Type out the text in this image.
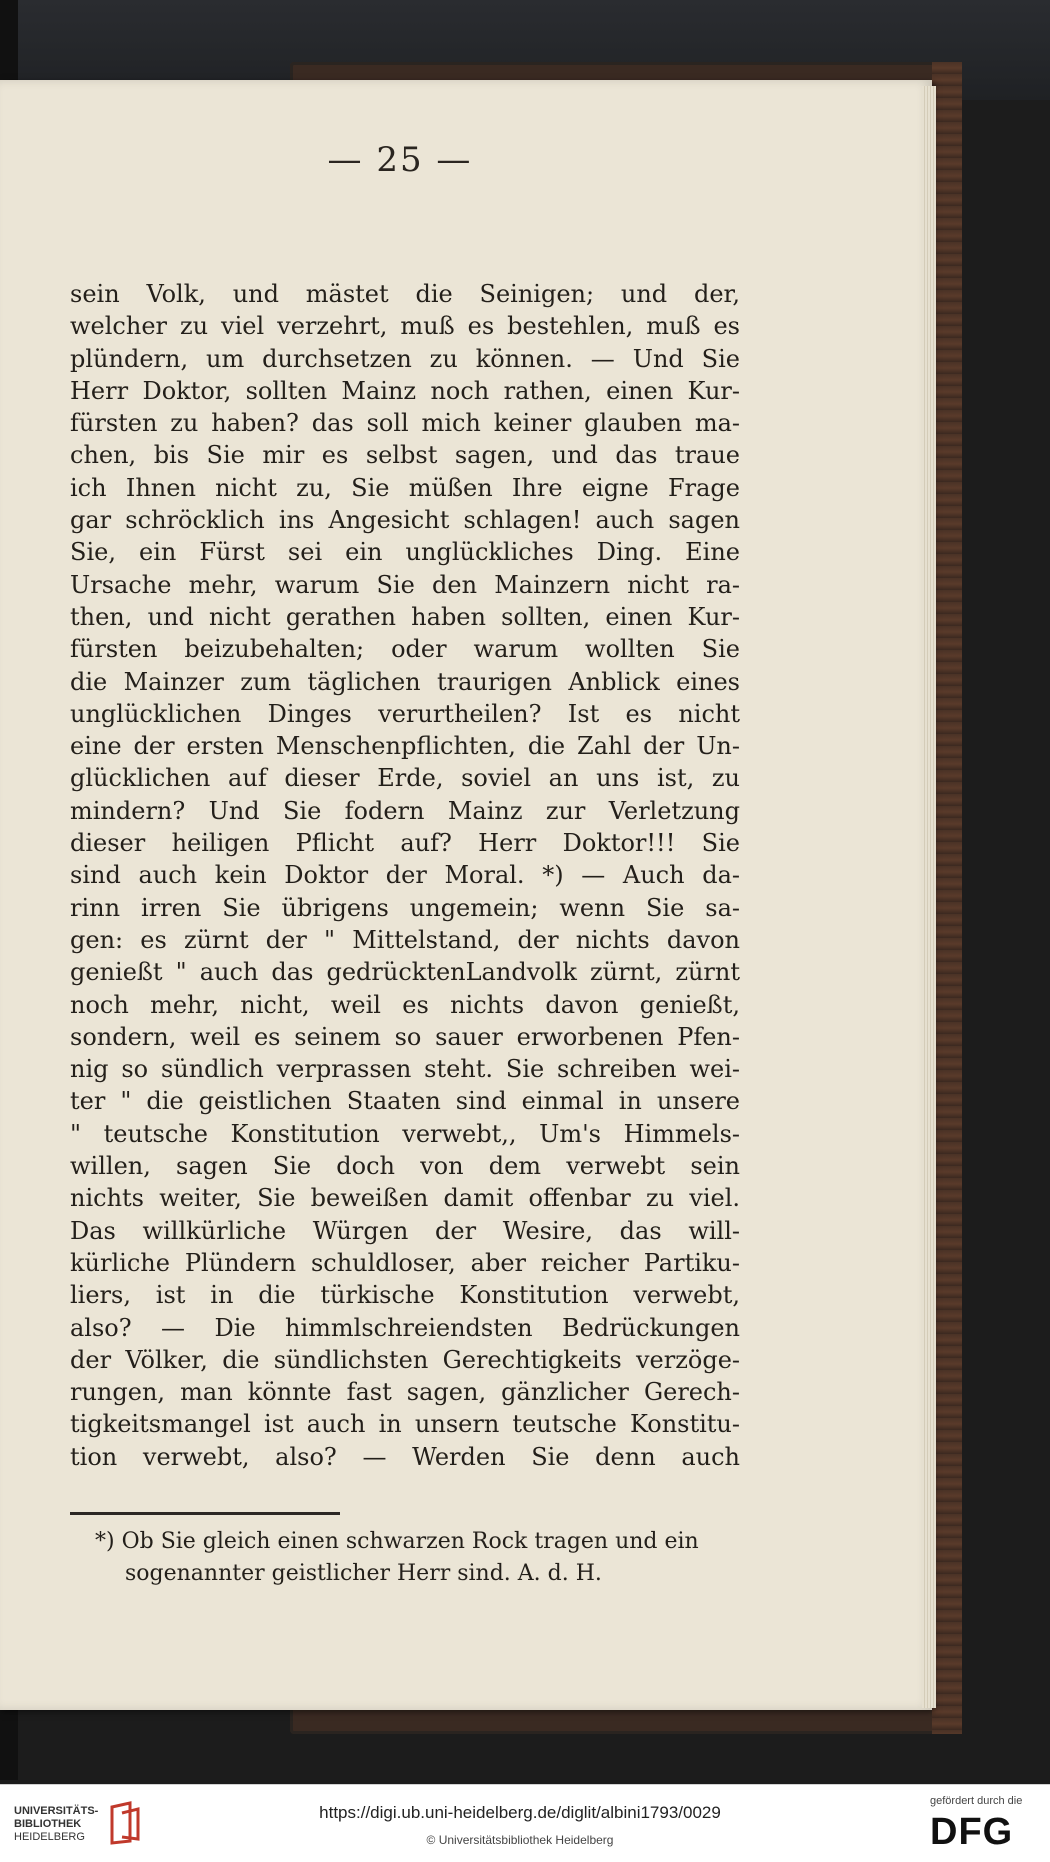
— 25 —
sein Volk, und mästet die Seinigen; und der,
welcher zu viel verzehrt, muß es bestehlen, muß es
plündern, um durchsetzen zu können. — Und Sie
Herr Doktor, sollten Mainz noch rathen, einen Kur-
fürsten zu haben? das soll mich keiner glauben ma-
chen, bis Sie mir es selbst sagen, und das traue
ich Ihnen nicht zu, Sie müßen Ihre eigne Frage
gar schröcklich ins Angesicht schlagen! auch sagen
Sie, ein Fürst sei ein unglückliches Ding. Eine
Ursache mehr, warum Sie den Mainzern nicht ra-
then, und nicht gerathen haben sollten, einen Kur-
fürsten beizubehalten; oder warum wollten Sie
die Mainzer zum täglichen traurigen Anblick eines
unglücklichen Dinges verurtheilen? Ist es nicht
eine der ersten Menschenpflichten, die Zahl der Un-
glücklichen auf dieser Erde, soviel an uns ist, zu
mindern? Und Sie fodern Mainz zur Verletzung
dieser heiligen Pflicht auf? Herr Doktor!!! Sie
sind auch kein Doktor der Moral. *) — Auch da-
rinn irren Sie übrigens ungemein; wenn Sie sa-
gen: es zürnt der " Mittelstand, der nichts davon
genießt " auch das gedrücktenLandvolk zürnt, zürnt
noch mehr, nicht, weil es nichts davon genießt,
sondern, weil es seinem so sauer erworbenen Pfen-
nig so sündlich verprassen steht. Sie schreiben wei-
ter " die geistlichen Staaten sind einmal in unsere
" teutsche Konstitution verwebt,, Um's Himmels-
willen, sagen Sie doch von dem verwebt sein
nichts weiter, Sie beweißen damit offenbar zu viel.
Das willkürliche Würgen der Wesire, das will-
kürliche Plündern schuldloser, aber reicher Partiku-
liers, ist in die türkische Konstitution verwebt,
also? — Die himmlschreiendsten Bedrückungen
der Völker, die sündlichsten Gerechtigkeits verzöge-
rungen, man könnte fast sagen, gänzlicher Gerech-
tigkeitsmangel ist auch in unsern teutsche Konstitu-
tion verwebt, also? — Werden Sie denn auch
*) Ob Sie gleich einen schwarzen Rock tragen und ein
sogenannter geistlicher Herr sind. A. d. H.
UNIVERSITÄTS-
BIBLIOTHEK
HEIDELBERG
https://digi.ub.uni-heidelberg.de/diglit/albini1793/0029
© Universitätsbibliothek Heidelberg
gefördert durch die
DFG
